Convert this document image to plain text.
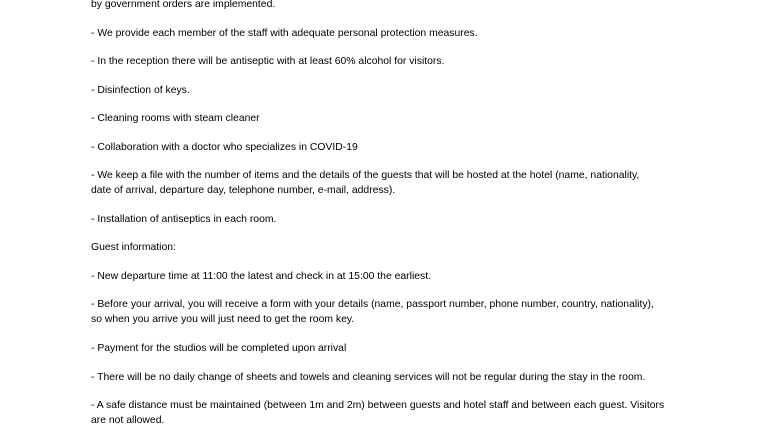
by government orders are implemented.

- We provide each member of the staff with adequate personal protection measures.

- In the reception there will be antiseptic with at least 60% alcohol for visitors.

- Disinfection of keys.

- Cleaning rooms with steam cleaner

- Collaboration with a doctor who specializes in COVID-19

- We keep a file with the number of items and the details of the guests that will be hosted at the hotel (name, nationality,

date of arrival, departure day, telephone number, e-mail, address).

- Installation of antiseptics in each room.

Guest information:

- New departure time at 11:00 the latest and check in at 15:00 the earliest.

- Before your arrival, you will receive a form with your details (name, passport number, phone number, country, nationality),

so when you arrive you will just need to get the room key.

- Payment for the studios will be completed upon arrival

- There will be no daily change of sheets and towels and cleaning services will not be regular during the stay in the room.

- A safe distance must be maintained (between 1m and 2m) between guests and hotel staff and between each guest. Visitors

are not allowed.
